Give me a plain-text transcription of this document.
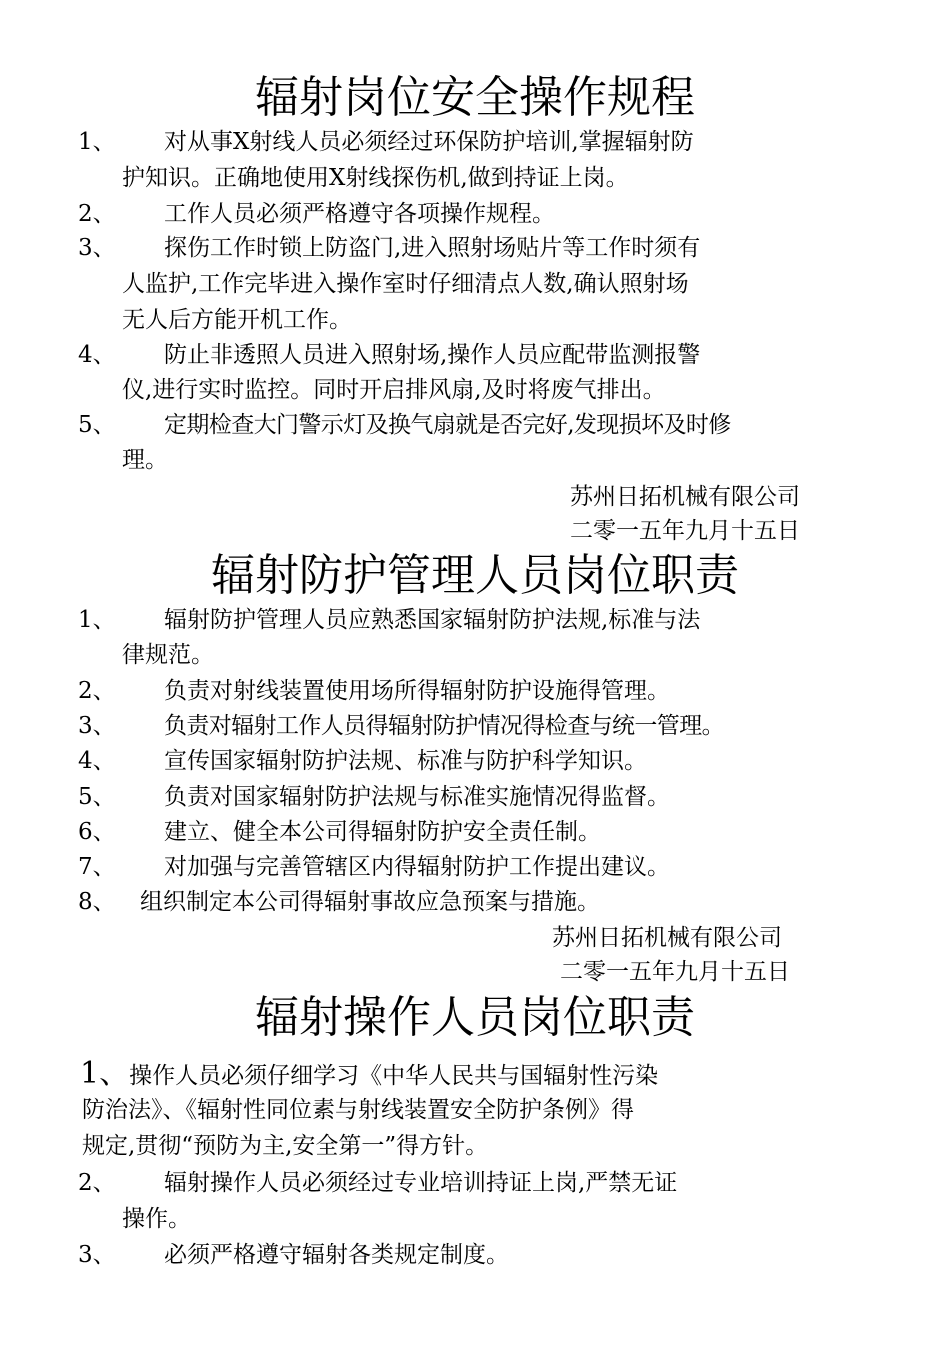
辐射岗位安全操作规程
1、 对从事X射线人员必须经过环保防护培训,掌握辐射防
护知识。正确地使用X射线探伤机,做到持证上岗。
2、 工作人员必须严格遵守各项操作规程。
3、 探伤工作时锁上防盗门,进入照射场贴片等工作时须有
人监护,工作完毕进入操作室时仔细清点人数,确认照射场
无人后方能开机工作。
4、 防止非透照人员进入照射场,操作人员应配带监测报警
仪,进行实时监控。同时开启排风扇,及时将废气排出。
5、 定期检查大门警示灯及换气扇就是否完好,发现损坏及时修
理。
苏州日拓机械有限公司
二零一五年九月十五日
辐射防护管理人员岗位职责
1、 辐射防护管理人员应熟悉国家辐射防护法规,标准与法
律规范。
2、 负责对射线装置使用场所得辐射防护设施得管理。
3、 负责对辐射工作人员得辐射防护情况得检查与统一管理。
4、 宣传国家辐射防护法规、标准与防护科学知识。
5、 负责对国家辐射防护法规与标准实施情况得监督。
6、 建立、健全本公司得辐射防护安全责任制。
7、 对加强与完善管辖区内得辐射防护工作提出建议。
8、 组织制定本公司得辐射事故应急预案与措施。
苏州日拓机械有限公司
二零一五年九月十五日
辐射操作人员岗位职责
1、操作人员必须仔细学习《中华人民共与国辐射性污染
防治法》、《辐射性同位素与射线装置安全防护条例》得
规定,贯彻“预防为主,安全第一”得方针。
2、 辐射操作人员必须经过专业培训持证上岗,严禁无证
操作。
3、 必须严格遵守辐射各类规定制度。
